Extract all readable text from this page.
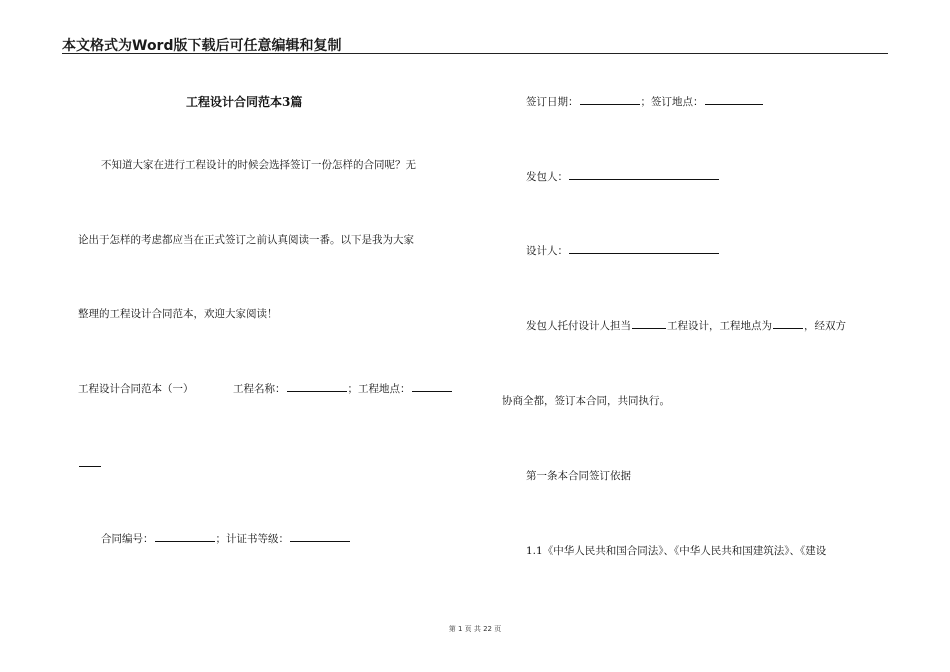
本文格式为Word版下载后可任意编辑和复制
工程设计合同范本3篇
不知道大家在进行工程设计的时候会选择签订一份怎样的合同呢？无
论出于怎样的考虑都应当在正式签订之前认真阅读一番。以下是我为大家
整理的工程设计合同范本，欢迎大家阅读！
工程设计合同范本（一）	工程名称：	；工程地点：
合同编号：	；计证书等级：
签订日期：	；签订地点：
发包人：
设计人：
发包人托付设计人担当	工程设计，工程地点为	，经双方
协商全都，签订本合同，共同执行。
第一条本合同签订依据
1.1《中华人民共和国合同法》、《中华人民共和国建筑法》、《建设
第 1 页 共 22 页
